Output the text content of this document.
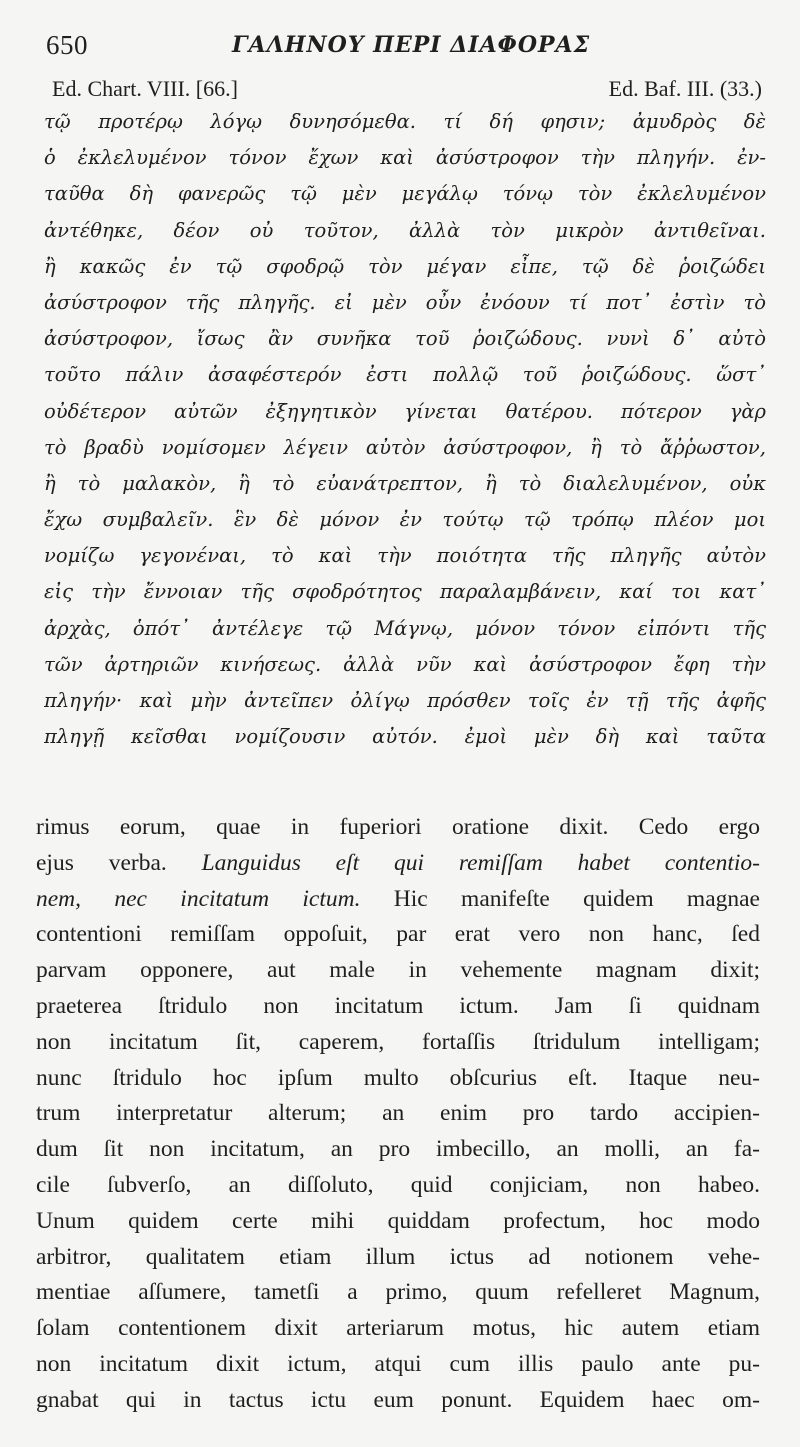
650	ΓΑΛΗΝΟΥ ΠΕΡΙ ΔΙΑΦΟΡΑΣ
Ed. Chart. VIII. [66.]	Ed. Baf. III. (33.)
τῷ προτέρῳ λόγῳ δυνησόμεθα. τί δή φησιν; ἀμυδρὸς δὲ
ὁ ἐκλελυμένον τόνον ἔχων καὶ ἀσύστροφον τὴν πληγήν. ἐν-
ταῦθα δὴ φανερῶς τῷ μὲν μεγάλῳ τόνῳ τὸν ἐκλελυμένον
ἀντέθηκε, δέον οὐ τοῦτον, ἀλλὰ τὸν μικρὸν ἀντιθεῖναι.
ἢ κακῶς ἐν τῷ σφοδρῷ τὸν μέγαν εἶπε, τῷ δὲ ῥοιζώδει
ἀσύστροφον τῆς πληγῆς. εἰ μὲν οὖν ἐνόουν τί ποτ᾿ ἐστὶν τὸ
ἀσύστροφον, ἴσως ἂν συνῆκα τοῦ ῥοιζώδους. νυνὶ δ᾿ αὐτὸ
τοῦτο πάλιν ἀσαφέστερόν ἐστι πολλῷ τοῦ ῥοιζώδους. ὥστ᾿
οὐδέτερον αὐτῶν ἐξηγητικὸν γίνεται θατέρου. πότερον γὰρ
τὸ βραδὺ νομίσομεν λέγειν αὐτὸν ἀσύστροφον, ἢ τὸ ἄῤῥωστον,
ἢ τὸ μαλακὸν, ἢ τὸ εὐανάτρεπτον, ἢ τὸ διαλελυμένον, οὐκ
ἔχω συμβαλεῖν. ἓν δὲ μόνον ἐν τούτῳ τῷ τρόπῳ πλέον μοι
νομίζω γεγονέναι, τὸ καὶ τὴν ποιότητα τῆς πληγῆς αὐτὸν
εἰς τὴν ἔννοιαν τῆς σφοδρότητος παραλαμβάνειν, καί τοι κατ᾿
ἀρχὰς, ὁπότ᾿ ἀντέλεγε τῷ Μάγνῳ, μόνον τόνον εἰπόντι τῆς
τῶν ἀρτηριῶν κινήσεως. ἀλλὰ νῦν καὶ ἀσύστροφον ἔφη τὴν
πληγήν· καὶ μὴν ἀντεῖπεν ὀλίγῳ πρόσθεν τοῖς ἐν τῇ τῆς ἀφῆς
πληγῇ κεῖσθαι νομίζουσιν αὐτόν. ἐμοὶ μὲν δὴ καὶ ταῦτα
rimus eorum, quae in fuperiori oratione dixit. Cedo ergo
ejus verba. Languidus eſt qui remiſſam habet contentio-
nem, nec incitatum ictum. Hic manifeſte quidem magnae
contentioni remiſſam oppoſuit, par erat vero non hanc, ſed
parvam opponere, aut male in vehemente magnam dixit;
praeterea ſtridulo non incitatum ictum. Jam ſi quidnam
non incitatum ſit, caperem, fortaſſis ſtridulum intelligam;
nunc ſtridulo hoc ipſum multo obſcurius eſt. Itaque neu-
trum interpretatur alterum; an enim pro tardo accipien-
dum ſit non incitatum, an pro imbecillo, an molli, an fa-
cile ſubverſo, an diſſoluto, quid conjiciam, non habeo.
Unum quidem certe mihi quiddam profectum, hoc modo
arbitror, qualitatem etiam illum ictus ad notionem vehe-
mentiae aſſumere, tametſi a primo, quum refelleret Magnum,
ſolam contentionem dixit arteriarum motus, hic autem etiam
non incitatum dixit ictum, atqui cum illis paulo ante pu-
gnabat qui in tactus ictu eum ponunt. Equidem haec om-
